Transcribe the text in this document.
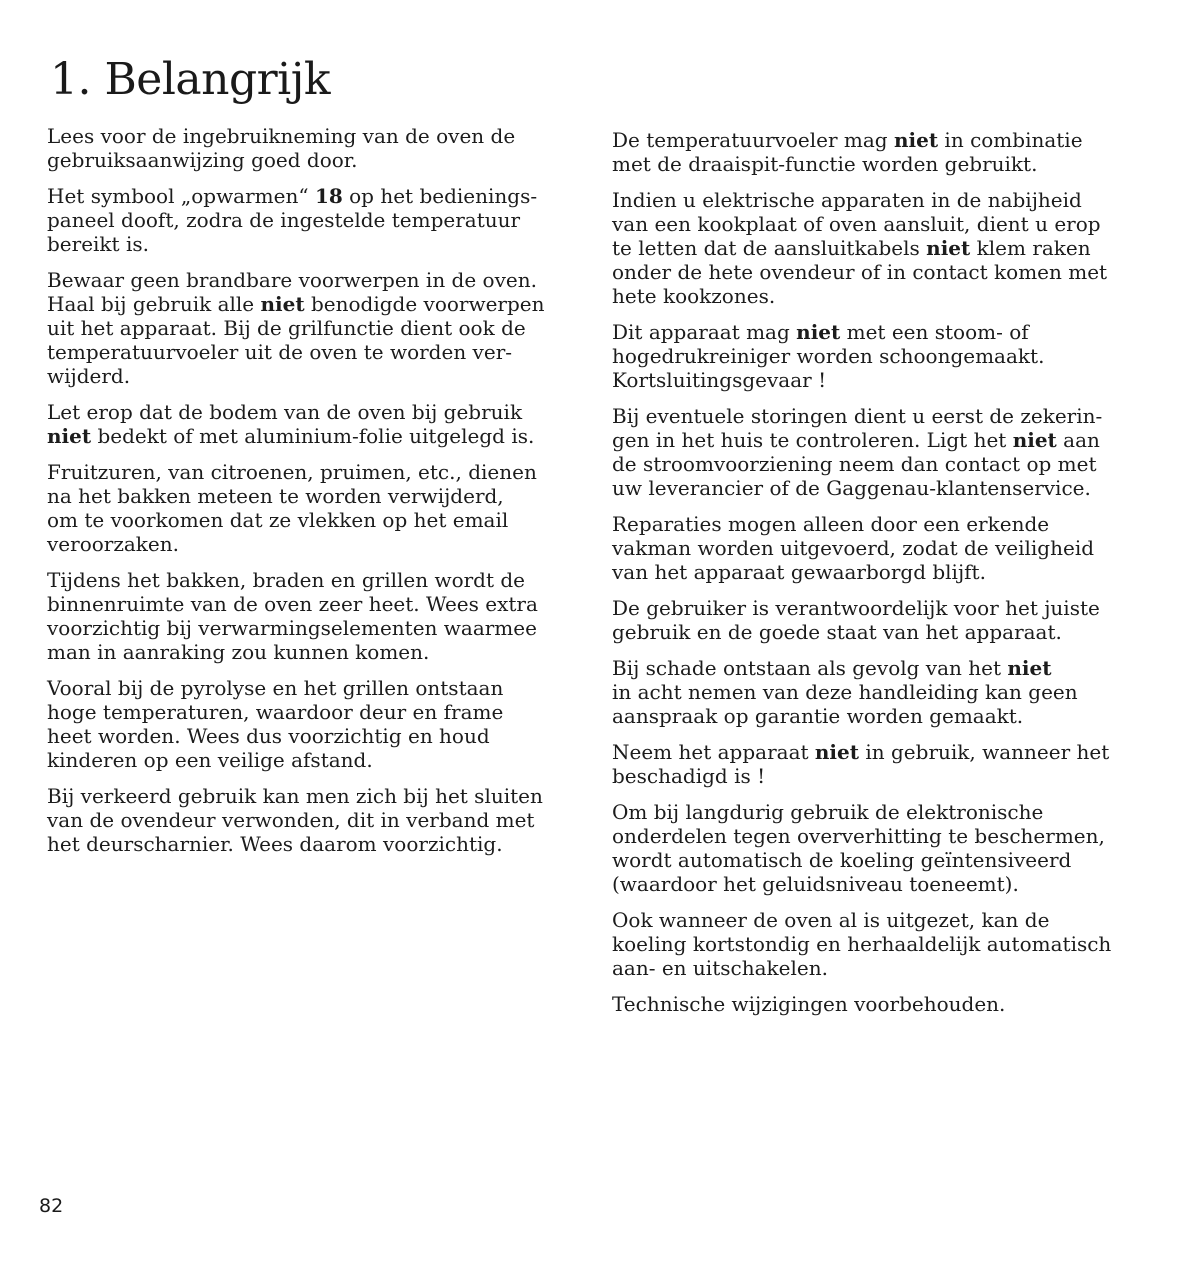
1. Belangrijk

Lees voor de ingebruikneming van de oven de
gebruiksaanwijzing goed door.

Het symbool „opwarmen“ 18 op het bedienings-
paneel dooft, zodra de ingestelde temperatuur
bereikt is.

Bewaar geen brandbare voorwerpen in de oven.
Haal bij gebruik alle niet benodigde voorwerpen
uit het apparaat. Bij de grilfunctie dient ook de
temperatuurvoeler uit de oven te worden ver-
wijderd.

Let erop dat de bodem van de oven bij gebruik
niet bedekt of met aluminium-folie uitgelegd is.

Fruitzuren, van citroenen, pruimen, etc., dienen
na het bakken meteen te worden verwijderd,
om te voorkomen dat ze vlekken op het email
veroorzaken.

Tijdens het bakken, braden en grillen wordt de
binnenruimte van de oven zeer heet. Wees extra
voorzichtig bij verwarmingselementen waarmee
man in aanraking zou kunnen komen.

Vooral bij de pyrolyse en het grillen ontstaan
hoge temperaturen, waardoor deur en frame
heet worden. Wees dus voorzichtig en houd
kinderen op een veilige afstand.

Bij verkeerd gebruik kan men zich bij het sluiten
van de ovendeur verwonden, dit in verband met
het deurscharnier. Wees daarom voorzichtig.

De temperatuurvoeler mag niet in combinatie
met de draaispit-functie worden gebruikt.

Indien u elektrische apparaten in de nabijheid
van een kookplaat of oven aansluit, dient u erop
te letten dat de aansluitkabels niet klem raken
onder de hete ovendeur of in contact komen met
hete kookzones.

Dit apparaat mag niet met een stoom- of
hogedrukreiniger worden schoongemaakt.
Kortsluitingsgevaar !

Bij eventuele storingen dient u eerst de zekerin-
gen in het huis te controleren. Ligt het niet aan
de stroomvoorziening neem dan contact op met
uw leverancier of de Gaggenau-klantenservice.

Reparaties mogen alleen door een erkende
vakman worden uitgevoerd, zodat de veiligheid
van het apparaat gewaarborgd blijft.

De gebruiker is verantwoordelijk voor het juiste
gebruik en de goede staat van het apparaat.

Bij schade ontstaan als gevolg van het niet
in acht nemen van deze handleiding kan geen
aanspraak op garantie worden gemaakt.

Neem het apparaat niet in gebruik, wanneer het
beschadigd is !

Om bij langdurig gebruik de elektronische
onderdelen tegen oververhitting te beschermen,
wordt automatisch de koeling geïntensiveerd
(waardoor het geluidsniveau toeneemt).

Ook wanneer de oven al is uitgezet, kan de
koeling kortstondig en herhaaldelijk automatisch
aan- en uitschakelen.

Technische wijzigingen voorbehouden.

82
